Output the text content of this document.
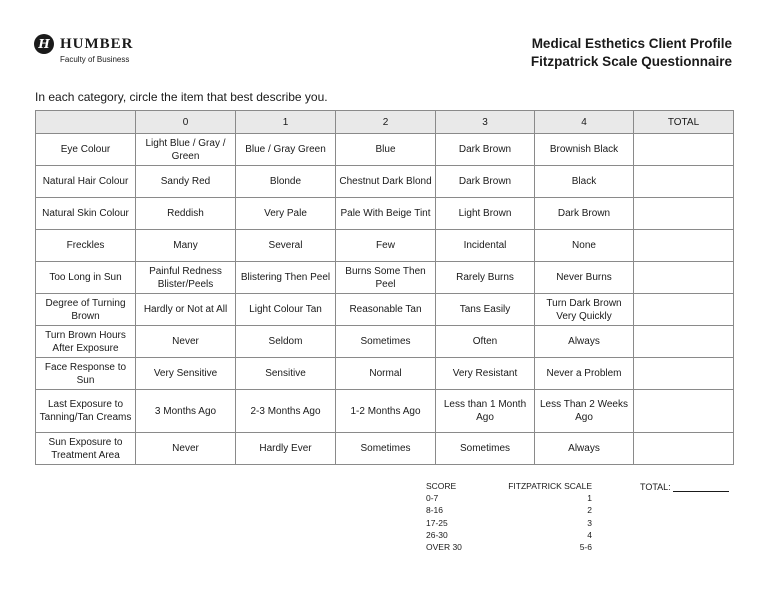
H HUMBER
Faculty of Business
Medical Esthetics Client Profile
Fitzpatrick Scale Questionnaire
In each category, circle the item that best describe you.
	0	1	2	3	4	TOTAL
Eye Colour	Light Blue / Gray / Green	Blue / Gray Green	Blue	Dark Brown	Brownish Black	
Natural Hair Colour	Sandy Red	Blonde	Chestnut Dark Blond	Dark Brown	Black	
Natural Skin Colour	Reddish	Very Pale	Pale With Beige Tint	Light Brown	Dark Brown	
Freckles	Many	Several	Few	Incidental	None	
Too Long in Sun	Painful Redness Blister/Peels	Blistering Then Peel	Burns Some Then Peel	Rarely Burns	Never Burns	
Degree of Turning Brown	Hardly or Not at All	Light Colour Tan	Reasonable Tan	Tans Easily	Turn Dark Brown Very Quickly	
Turn Brown Hours After Exposure	Never	Seldom	Sometimes	Often	Always	
Face Response to Sun	Very Sensitive	Sensitive	Normal	Very Resistant	Never a Problem	
Last Exposure to Tanning/Tan Creams	3 Months Ago	2-3 Months Ago	1-2 Months Ago	Less than 1 Month Ago	Less Than 2 Weeks Ago	
Sun Exposure to Treatment Area	Never	Hardly Ever	Sometimes	Sometimes	Always	
SCORE	FITZPATRICK SCALE
0-7	1
8-16	2
17-25	3
26-30	4
OVER 30	5-6
TOTAL:
